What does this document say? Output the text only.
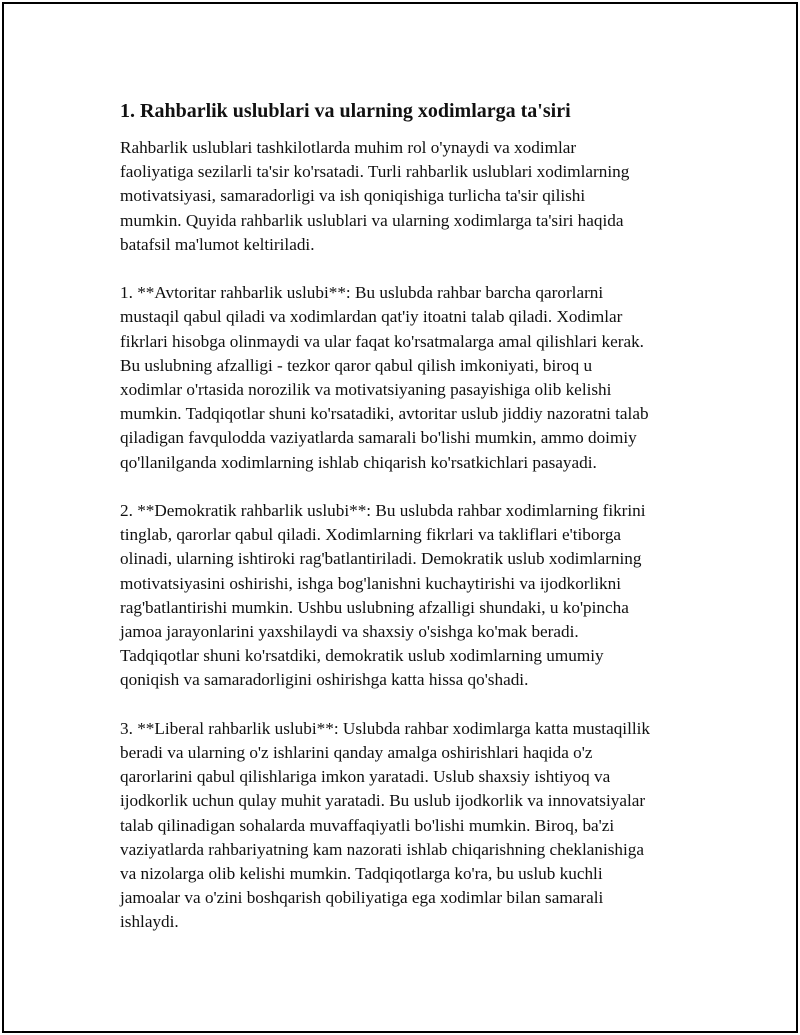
1. Rahbarlik uslublari va ularning xodimlarga ta'siri

Rahbarlik uslublari tashkilotlarda muhim rol o'ynaydi va xodimlar
faoliyatiga sezilarli ta'sir ko'rsatadi. Turli rahbarlik uslublari xodimlarning
motivatsiyasi, samaradorligi va ish qoniqishiga turlicha ta'sir qilishi
mumkin. Quyida rahbarlik uslublari va ularning xodimlarga ta'siri haqida
batafsil ma'lumot keltiriladi.

1. **Avtoritar rahbarlik uslubi**: Bu uslubda rahbar barcha qarorlarni
mustaqil qabul qiladi va xodimlardan qat'iy itoatni talab qiladi. Xodimlar
fikrlari hisobga olinmaydi va ular faqat ko'rsatmalarga amal qilishlari kerak.
Bu uslubning afzalligi - tezkor qaror qabul qilish imkoniyati, biroq u
xodimlar o'rtasida norozilik va motivatsiyaning pasayishiga olib kelishi
mumkin. Tadqiqotlar shuni ko'rsatadiki, avtoritar uslub jiddiy nazoratni talab
qiladigan favqulodda vaziyatlarda samarali bo'lishi mumkin, ammo doimiy
qo'llanilganda xodimlarning ishlab chiqarish ko'rsatkichlari pasayadi.

2. **Demokratik rahbarlik uslubi**: Bu uslubda rahbar xodimlarning fikrini
tinglab, qarorlar qabul qiladi. Xodimlarning fikrlari va takliflari e'tiborga
olinadi, ularning ishtiroki rag'batlantiriladi. Demokratik uslub xodimlarning
motivatsiyasini oshirishi, ishga bog'lanishni kuchaytirishi va ijodkorlikni
rag'batlantirishi mumkin. Ushbu uslubning afzalligi shundaki, u ko'pincha
jamoa jarayonlarini yaxshilaydi va shaxsiy o'sishga ko'mak beradi.
Tadqiqotlar shuni ko'rsatdiki, demokratik uslub xodimlarning umumiy
qoniqish va samaradorligini oshirishga katta hissa qo'shadi.

3. **Liberal rahbarlik uslubi**: Uslubda rahbar xodimlarga katta mustaqillik
beradi va ularning o'z ishlarini qanday amalga oshirishlari haqida o'z
qarorlarini qabul qilishlariga imkon yaratadi. Uslub shaxsiy ishtiyoq va
ijodkorlik uchun qulay muhit yaratadi. Bu uslub ijodkorlik va innovatsiyalar
talab qilinadigan sohalarda muvaffaqiyatli bo'lishi mumkin. Biroq, ba'zi
vaziyatlarda rahbariyatning kam nazorati ishlab chiqarishning cheklanishiga
va nizolarga olib kelishi mumkin. Tadqiqotlarga ko'ra, bu uslub kuchli
jamoalar va o'zini boshqarish qobiliyatiga ega xodimlar bilan samarali
ishlaydi.
